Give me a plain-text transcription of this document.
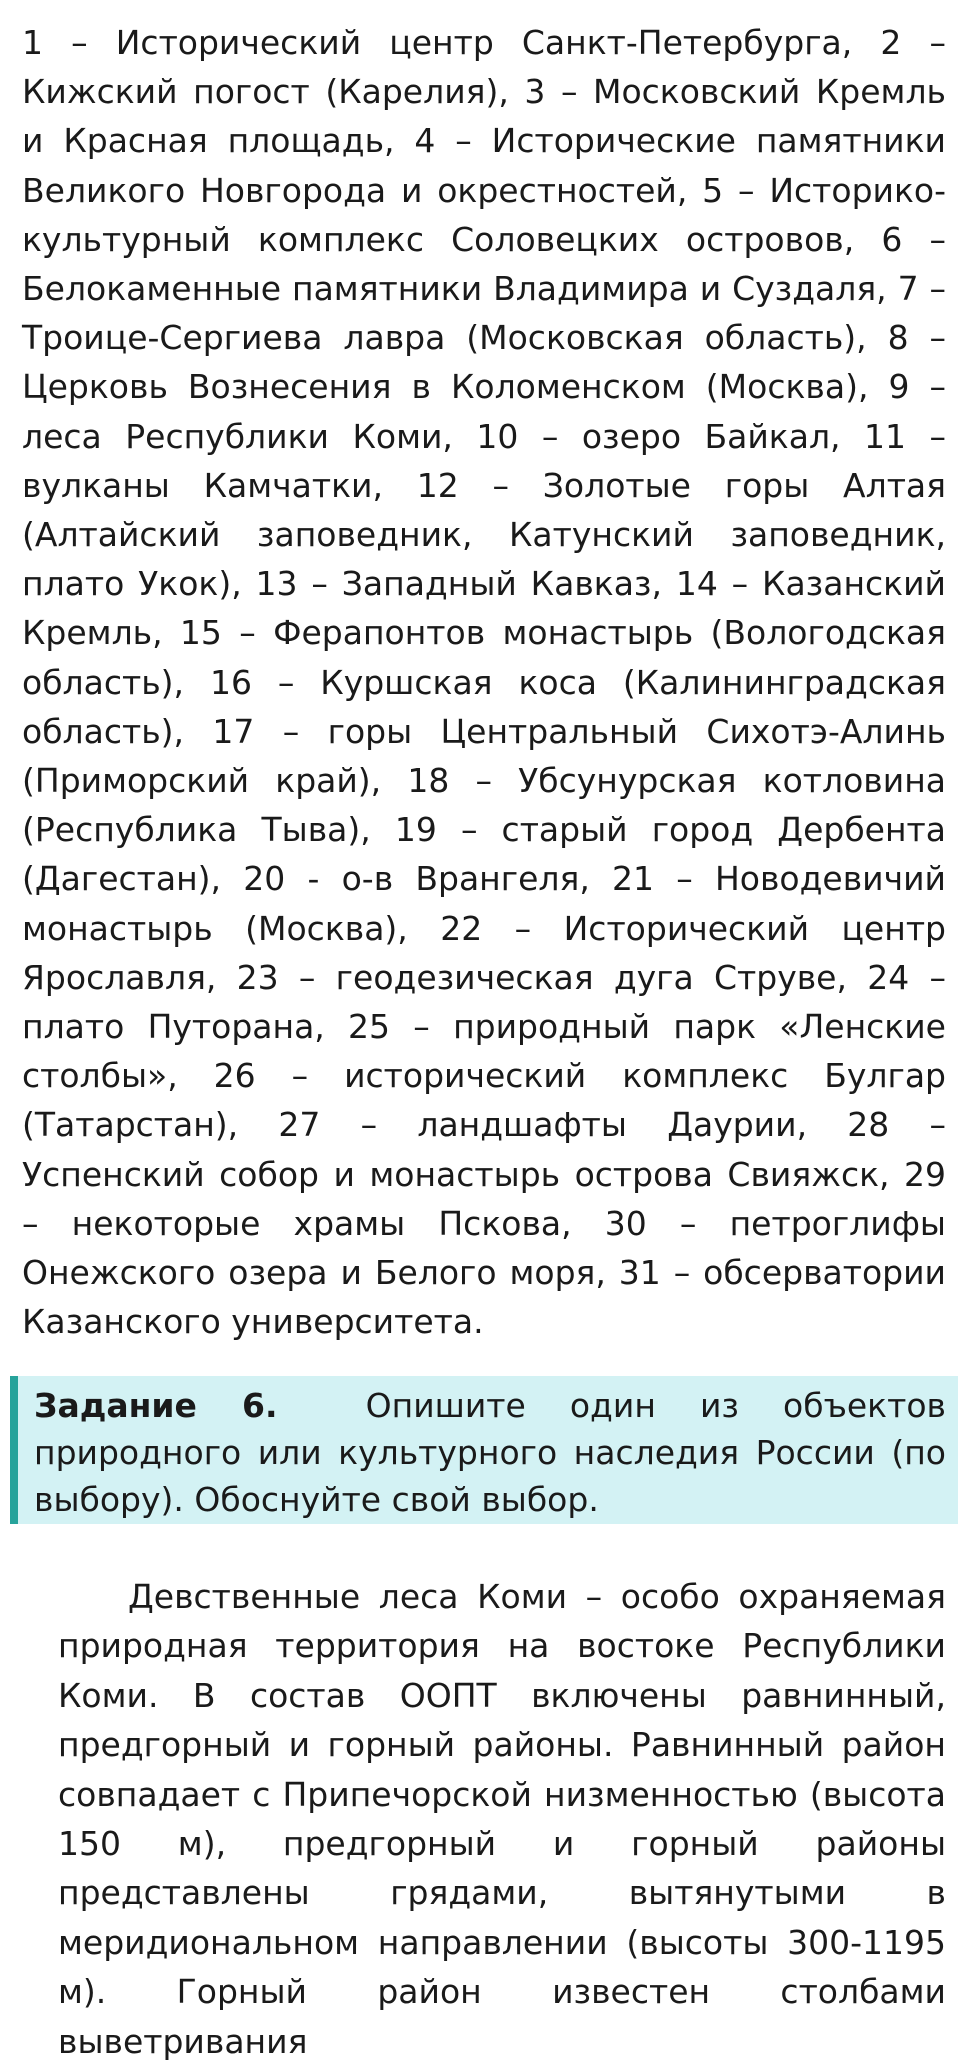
1 – Исторический центр Санкт-Петербурга, 2 – Кижский погост (Карелия), 3 – Московский Кремль и Красная площадь, 4 – Исторические памятники Великого Новгорода и окрестностей, 5 – Историко-культурный комплекс Соловецких островов, 6 – Белокаменные памятники Владимира и Суздаля, 7 – Троице-Сергиева лавра (Московская область), 8 – Церковь Вознесения в Коломенском (Москва), 9 – леса Республики Коми, 10 – озеро Байкал, 11 – вулканы Камчатки, 12 – Золотые горы Алтая (Алтайский заповедник, Катунский заповедник, плато Укок), 13 – Западный Кавказ, 14 – Казанский Кремль, 15 – Ферапонтов монастырь (Вологодская область), 16 – Куршская коса (Калининградская область), 17 – горы Центральный Сихотэ-Алинь (Приморский край), 18 – Убсунурская котловина (Республика Тыва), 19 – старый город Дербента (Дагестан), 20 - о-в Врангеля, 21 – Новодевичий монастырь (Москва), 22 – Исторический центр Ярославля, 23 – геодезическая дуга Струве, 24 – плато Путорана, 25 – природный парк «Ленские столбы», 26 – исторический комплекс Булгар (Татарстан), 27 – ландшафты Даурии, 28 – Успенский собор и монастырь острова Свияжск, 29 – некоторые храмы Пскова, 30 – петроглифы Онежского озера и Белого моря, 31 – обсерватории Казанского университета.

Задание 6.	Опишите один из объектов природного или культурного наследия России (по выбору). Обоснуйте свой выбор.

Девственные леса Коми – особо охраняемая природная территория на востоке Республики Коми. В состав ООПТ включены равнинный, предгорный и горный районы. Равнинный район совпадает с Припечорской низменностью (высота 150 м), предгорный и горный районы представлены грядами, вытянутыми в меридиональном направлении (высоты 300-1195 м). Горный район известен столбами выветривания
